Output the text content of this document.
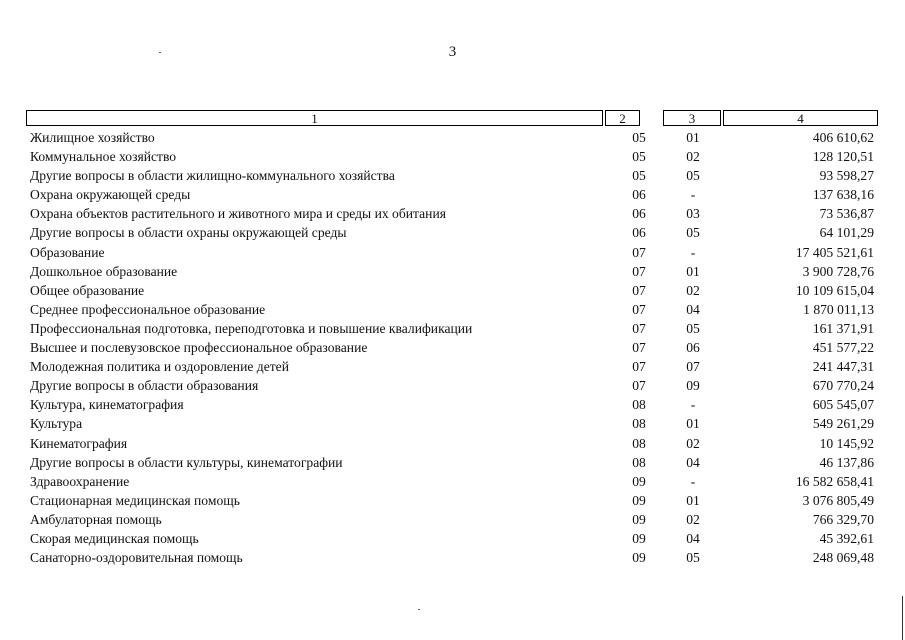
3
1	2	3	4
Жилищное хозяйство	05	01	406 610,62
Коммунальное хозяйство	05	02	128 120,51
Другие вопросы в области жилищно-коммунального хозяйства	05	05	93 598,27
Охрана окружающей среды	06	-	137 638,16
Охрана объектов растительного и животного мира и среды их обитания	06	03	73 536,87
Другие вопросы в области охраны окружающей среды	06	05	64 101,29
Образование	07	-	17 405 521,61
Дошкольное образование	07	01	3 900 728,76
Общее образование	07	02	10 109 615,04
Среднее профессиональное образование	07	04	1 870 011,13
Профессиональная подготовка, переподготовка и повышение квалификации	07	05	161 371,91
Высшее и послевузовское профессиональное образование	07	06	451 577,22
Молодежная политика и оздоровление детей	07	07	241 447,31
Другие вопросы в области образования	07	09	670 770,24
Культура, кинематография	08	-	605 545,07
Культура	08	01	549 261,29
Кинематография	08	02	10 145,92
Другие вопросы в области культуры, кинематографии	08	04	46 137,86
Здравоохранение	09	-	16 582 658,41
Стационарная медицинская помощь	09	01	3 076 805,49
Амбулаторная помощь	09	02	766 329,70
Скорая медицинская помощь	09	04	45 392,61
Санаторно-оздоровительная помощь	09	05	248 069,48
